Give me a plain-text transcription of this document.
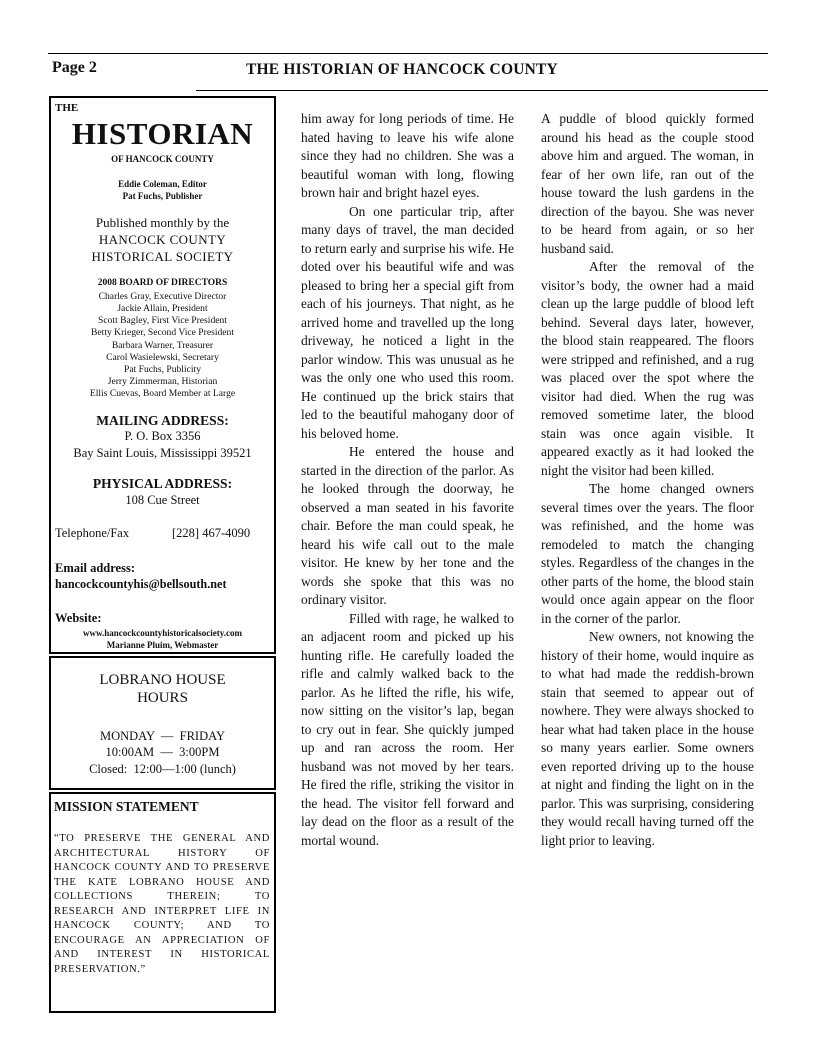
Page 2	THE HISTORIAN OF HANCOCK COUNTY
THE
HISTORIAN
OF HANCOCK COUNTY
Eddie Coleman, Editor
Pat Fuchs, Publisher
Published monthly by the
HANCOCK COUNTY
HISTORICAL SOCIETY
2008 BOARD OF DIRECTORS
Charles Gray, Executive Director
Jackie Allain, President
Scott Bagley, First Vice President
Betty Krieger, Second Vice President
Barbara Warner, Treasurer
Carol Wasielewski, Secretary
Pat Fuchs, Publicity
Jerry Zimmerman, Historian
Ellis Cuevas, Board Member at Large
MAILING ADDRESS:
P. O. Box 3356
Bay Saint Louis, Mississippi 39521
PHYSICAL ADDRESS:
108 Cue Street
Telephone/Fax	[228] 467-4090
Email address:
hancockcountyhis@bellsouth.net
Website:
www.hancockcountyhistoricalsociety.com
Marianne Pluim, Webmaster
LOBRANO HOUSE
HOURS
MONDAY  —  FRIDAY
10:00AM  —  3:00PM
Closed:  12:00—1:00 (lunch)
MISSION STATEMENT
“TO PRESERVE THE GENERAL AND ARCHITECTURAL HISTORY OF HANCOCK COUNTY AND TO PRESERVE THE KATE LOBRANO HOUSE AND COLLECTIONS THEREIN; TO RESEARCH AND INTERPRET LIFE IN HANCOCK COUNTY; AND TO ENCOURAGE AN APPRECIATION OF AND INTEREST IN HISTORICAL PRESERVATION.”

him away for long periods of time. He hated having to leave his wife alone since they had no children. She was a beautiful woman with long, flowing brown hair and bright hazel eyes.

On one particular trip, after many days of travel, the man decided to return early and surprise his wife. He doted over his beautiful wife and was pleased to bring her a special gift from each of his journeys. That night, as he arrived home and travelled up the long driveway, he noticed a light in the parlor window. This was unusual as he was the only one who used this room. He continued up the brick stairs that led to the beautiful mahogany door of his beloved home.

He entered the house and started in the direction of the parlor. As he looked through the doorway, he observed a man seated in his favorite chair. Before the man could speak, he heard his wife call out to the male visitor. He knew by her tone and the words she spoke that this was no ordinary visitor.

Filled with rage, he walked to an adjacent room and picked up his hunting rifle. He carefully loaded the rifle and calmly walked back to the parlor. As he lifted the rifle, his wife, now sitting on the visitor’s lap, began to cry out in fear. She quickly jumped up and ran across the room. Her husband was not moved by her tears. He fired the rifle, striking the visitor in the head. The visitor fell forward and lay dead on the floor as a result of the mortal wound.

A puddle of blood quickly formed around his head as the couple stood above him and argued. The woman, in fear of her own life, ran out of the house toward the lush gardens in the direction of the bayou. She was never to be heard from again, or so her husband said.

After the removal of the visitor’s body, the owner had a maid clean up the large puddle of blood left behind. Several days later, however, the blood stain reappeared. The floors were stripped and refinished, and a rug was placed over the spot where the visitor had died. When the rug was removed sometime later, the blood stain was once again visible. It appeared exactly as it had looked the night the visitor had been killed.

The home changed owners several times over the years. The floor was refinished, and the home was remodeled to match the changing styles. Regardless of the changes in the other parts of the home, the blood stain would once again appear on the floor in the corner of the parlor.

New owners, not knowing the history of their home, would inquire as to what had made the reddish-brown stain that seemed to appear out of nowhere. They were always shocked to hear what had taken place in the house so many years earlier. Some owners even reported driving up to the house at night and finding the light on in the parlor. This was surprising, considering they would recall having turned off the light prior to leaving.
